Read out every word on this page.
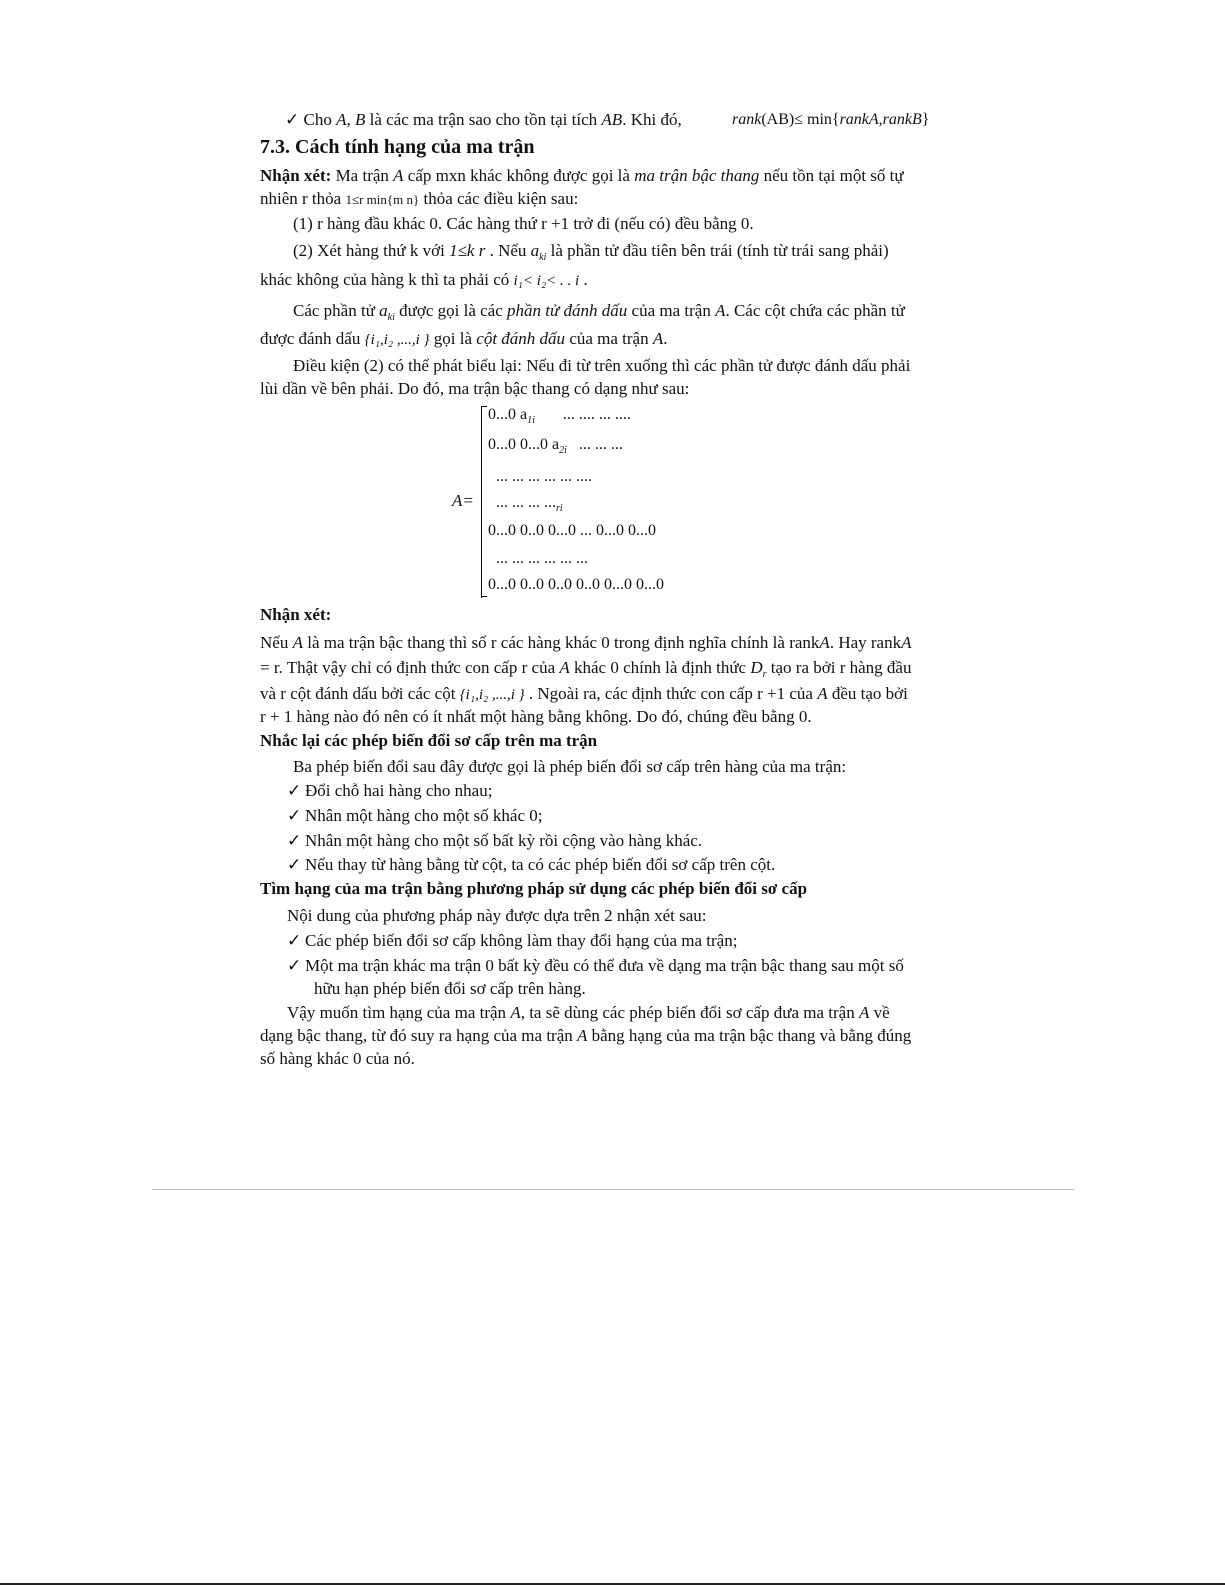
✓ Cho A, B là các ma trận sao cho tồn tại tích AB. Khi đó,	rank(AB)≤ min{rankA,rankB}
7.3. Cách tính hạng của ma trận
Nhận xét: Ma trận A cấp mxn khác không được gọi là ma trận bậc thang nếu tồn tại một số tự
nhiên r thỏa 1≤r min{m n} thỏa các điều kiện sau:
(1) r hàng đầu khác 0. Các hàng thứ r +1 trở đi (nếu có) đều bằng 0.
(2) Xét hàng thứ k với 1≤k r . Nếu $a_{ki}$ là phần tử đầu tiên bên trái (tính từ trái sang phải)
khác không của hàng k thì ta phải có i₁< i₂< . . i .
Các phần tử $a_{ki}$ được gọi là các phần tử đánh dấu của ma trận A. Các cột chứa các phần tử
được đánh dấu {i₁,i₂ ,...,i } gọi là cột đánh dấu của ma trận A.
Điều kiện (2) có thể phát biểu lại: Nếu đi từ trên xuống thì các phần tử được đánh dấu phải
lùi dần về bên phải. Do đó, ma trận bậc thang có dạng như sau:
A=
0...0 $a_{1i}$ ... .... ... ....
0...0 0...0 $a_{2i}$ ... ... ...
... ... ... ... ... ....
... ... ... $..._{ri}$
0...0 0..0 0...0 ... 0...0 0...0
... ... ... ... ... ...
0...0 0..0 0..0 0..0 0...0 0...0
Nhận xét:
Nếu A là ma trận bậc thang thì số r các hàng khác 0 trong định nghĩa chính là rankA. Hay rankA
= r. Thật vậy chỉ có định thức con cấp r của A khác 0 chính là định thức $D_r$ tạo ra bởi r hàng đầu
và r cột đánh dấu bởi các cột {i₁,i₂ ,...,i } . Ngoài ra, các định thức con cấp r +1 của A đều tạo bởi
r + 1 hàng nào đó nên có ít nhất một hàng bằng không. Do đó, chúng đều bằng 0.
Nhắc lại các phép biến đổi sơ cấp trên ma trận
Ba phép biến đổi sau đây được gọi là phép biến đổi sơ cấp trên hàng của ma trận:
✓ Đổi chỗ hai hàng cho nhau;
✓ Nhân một hàng cho một số khác 0;
✓ Nhân một hàng cho một số bất kỳ rồi cộng vào hàng khác.
✓ Nếu thay từ hàng bằng từ cột, ta có các phép biến đổi sơ cấp trên cột.
Tìm hạng của ma trận bằng phương pháp sử dụng các phép biến đổi sơ cấp
Nội dung của phương pháp này được dựa trên 2 nhận xét sau:
✓ Các phép biến đổi sơ cấp không làm thay đổi hạng của ma trận;
✓ Một ma trận khác ma trận 0 bất kỳ đều có thể đưa về dạng ma trận bậc thang sau một số
hữu hạn phép biến đổi sơ cấp trên hàng.
Vậy muốn tìm hạng của ma trận A, ta sẽ dùng các phép biến đổi sơ cấp đưa ma trận A về
dạng bậc thang, từ đó suy ra hạng của ma trận A bằng hạng của ma trận bậc thang và bằng đúng
số hàng khác 0 của nó.
